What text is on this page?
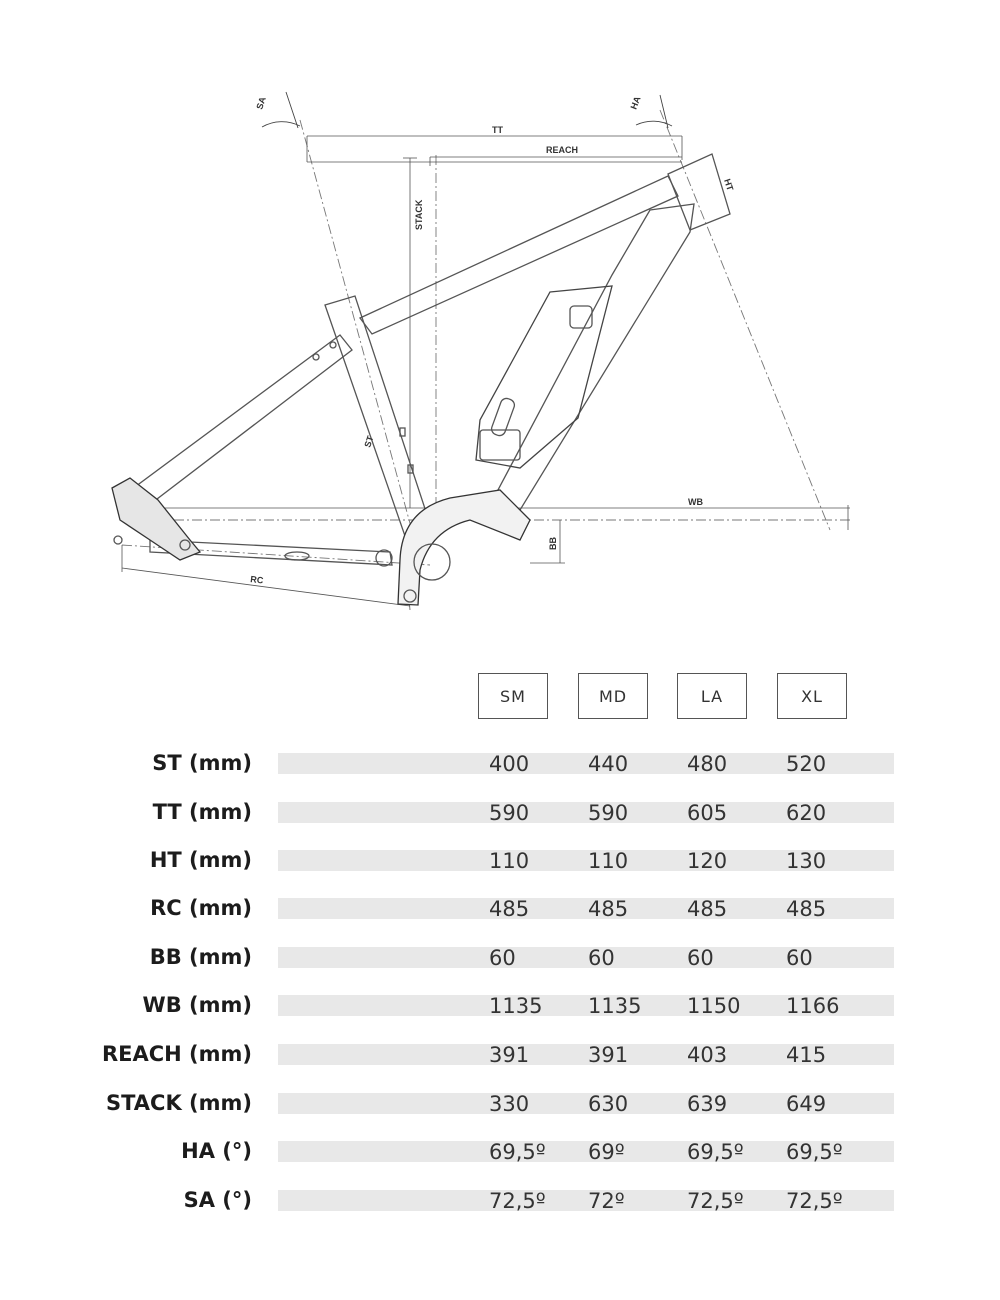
SA	HA
TT
REACH
HT
STACK
ST
WB
BB
RC
SM	MD	LA	XL
ST (mm)	400	440	480	520
TT (mm)	590	590	605	620
HT (mm)	110	110	120	130
RC (mm)	485	485	485	485
BB (mm)	60	60	60	60
WB (mm)	1135 1135 1150 1166
REACH (mm)	391	391	403	415
STACK (mm)	330	630	639	649
HA (°)	69,5º 69º	69,5º 69,5º
SA (°)	72,5º 72º	72,5º 72,5º
